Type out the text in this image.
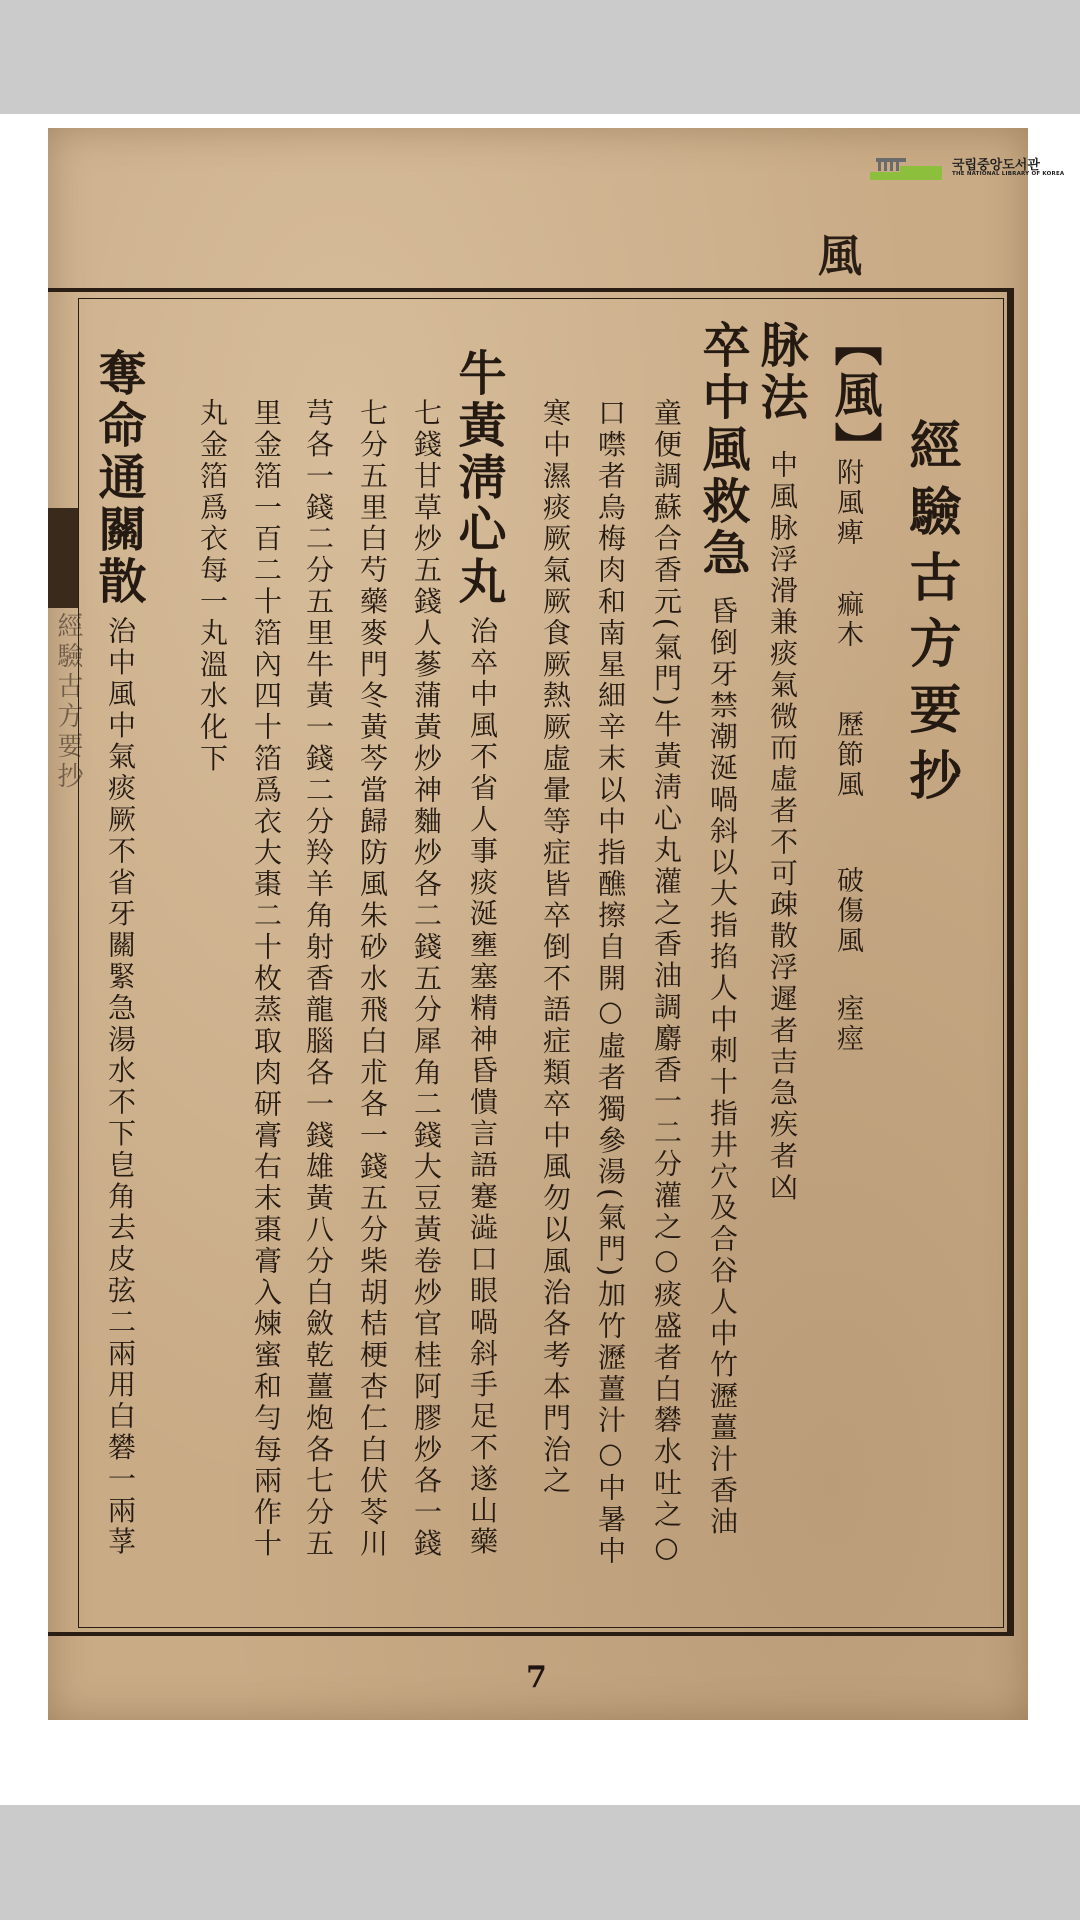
국립중앙도서관
THE NATIONAL LIBRARY OF KOREA
風
經驗古方要抄	經驗古方要抄
【風】
附風痺
痲木
歷節風
破傷風
痓痙
脉法
中風脉浮滑兼痰氣微而虛者不可疎散浮遲者吉急疾者凶
卒中風救急
昏倒牙禁潮涎喎斜以大指掐人中刺十指井穴及合谷人中竹瀝薑汁香油
童便調蘇合香元(氣門)牛黃淸心丸灌之香油調麝香一二分灌之○痰盛者白礬水吐之○
口噤者烏梅肉和南星細辛末以中指醮擦自開○虛者獨參湯(氣門)加竹瀝薑汁○中暑中
寒中濕痰厥氣厥食厥熱厥虛暈等症皆卒倒不語症類卒中風勿以風治各考本門治之
牛黃淸心丸
治卒中風不省人事痰涎壅塞精神昏憒言語蹇澁口眼喎斜手足不遂山藥
七錢甘草炒五錢人蔘蒲黃炒神麯炒各二錢五分犀角二錢大豆黃卷炒官桂阿膠炒各一錢
七分五里白芍藥麥門冬黃芩當歸防風朱砂水飛白朮各一錢五分柴胡桔梗杏仁白伏苓川
芎各一錢二分五里牛黃一錢二分羚羊角射香龍腦各一錢雄黃八分白斂乾薑炮各七分五
里金箔一百二十箔內四十箔爲衣大棗二十枚蒸取肉研膏右末棗膏入煉蜜和勻每兩作十
丸金箔爲衣每一丸溫水化下
奪命通關散
治中風中氣痰厥不省牙關緊急湯水不下皀角去皮弦二兩用白礬一兩莩
7
